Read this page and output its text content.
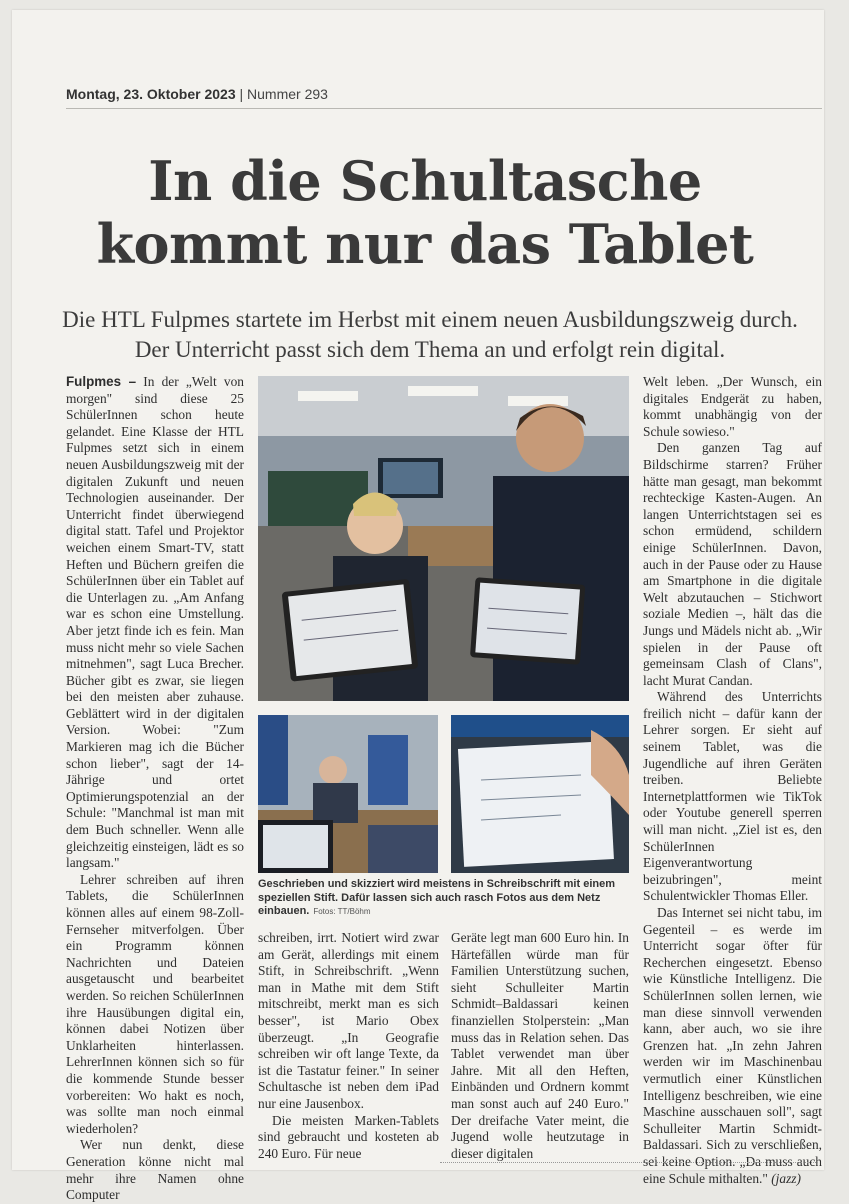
Montag, 23. Oktober 2023 | Nummer 293
In die Schultasche
kommt nur das Tablet
Die HTL Fulpmes startete im Herbst mit einem neuen Ausbildungszweig durch. Der Unterricht passt sich dem Thema an und erfolgt rein digital.

Fulpmes – In der „Welt von morgen" sind diese 25 SchülerInnen schon heute gelandet. Eine Klasse der HTL Fulpmes setzt sich in einem neuen Ausbildungszweig mit der digitalen Zukunft und neuen Technologien auseinander. Der Unterricht findet überwiegend digital statt. Tafel und Projektor weichen einem Smart-TV, statt Heften und Büchern greifen die SchülerInnen über ein Tablet auf die Unterlagen zu. „Am Anfang war es schon eine Umstellung. Aber jetzt finde ich es fein. Man muss nicht mehr so viele Sachen mitnehmen", sagt Luca Brecher. Bücher gibt es zwar, sie liegen bei den meisten aber zuhause. Geblättert wird in der digitalen Version. Wobei: "Zum Markieren mag ich die Bücher schon lieber", sagt der 14-Jährige und ortet Optimierungspotenzial an der Schule: "Manchmal ist man mit dem Buch schneller. Wenn alle gleichzeitig einsteigen, lädt es so langsam."

Lehrer schreiben auf ihren Tablets, die SchülerInnen können alles auf einem 98-Zoll-Fernseher mitverfolgen. Über ein Programm können Nachrichten und Dateien ausgetauscht und bearbeitet werden. So reichen SchülerInnen ihre Hausübungen digital ein, können dabei Notizen über Unklarheiten hinterlassen. LehrerInnen können sich so für die kommende Stunde besser vorbereiten: Wo hakt es noch, was sollte man noch einmal wiederholen?

Wer nun denkt, diese Generation könne nicht mal mehr ihre Namen ohne Computer

Geschrieben und skizziert wird meistens in Schreibschrift mit einem speziellen Stift. Dafür lassen sich auch rasch Fotos aus dem Netz einbauen. Fotos: TT/Böhm

schreiben, irrt. Notiert wird zwar am Gerät, allerdings mit einem Stift, in Schreibschrift. „Wenn man in Mathe mit dem Stift mitschreibt, merkt man es sich besser", ist Mario Obex überzeugt. „In Geografie schreiben wir oft lange Texte, da ist die Tastatur feiner." In seiner Schultasche ist neben dem iPad nur eine Jausenbox.

Die meisten Marken-Tablets sind gebraucht und kosteten ab 240 Euro. Für neue

Geräte legt man 600 Euro hin. In Härtefällen würde man für Familien Unterstützung suchen, sieht Schulleiter Martin Schmidt–Baldassari keinen finanziellen Stolperstein: „Man muss das in Relation sehen. Das Tablet verwendet man über Jahre. Mit all den Heften, Einbänden und Ordnern kommt man sonst auch auf 240 Euro." Der dreifache Vater meint, die Jugend wolle heutzutage in dieser digitalen

Welt leben. „Der Wunsch, ein digitales Endgerät zu haben, kommt unabhängig von der Schule sowieso."

Den ganzen Tag auf Bildschirme starren? Früher hätte man gesagt, man bekommt rechteckige Kasten-Augen. An langen Unterrichtstagen sei es schon ermüdend, schildern einige SchülerInnen. Davon, auch in der Pause oder zu Hause am Smartphone in die digitale Welt abzutauchen – Stichwort soziale Medien –, hält das die Jungs und Mädels nicht ab. „Wir spielen in der Pause oft gemeinsam Clash of Clans", lacht Murat Candan.

Während des Unterrichts freilich nicht – dafür kann der Lehrer sorgen. Er sieht auf seinem Tablet, was die Jugendliche auf ihren Geräten treiben. Beliebte Internetplattformen wie TikTok oder Youtube generell sperren will man nicht. „Ziel ist es, den SchülerInnen Eigenverantwortung beizubringen", meint Schulentwickler Thomas Eller.

Das Internet sei nicht tabu, im Gegenteil – es werde im Unterricht sogar öfter für Recherchen eingesetzt. Ebenso wie Künstliche Intelligenz. Die SchülerInnen sollen lernen, wie man diese sinnvoll verwenden kann, aber auch, wo sie ihre Grenzen hat. „In zehn Jahren werden wir im Maschinenbau vermutlich einer Künstlichen Intelligenz beschreiben, wie eine Maschine ausschauen soll", sagt Schulleiter Martin Schmidt-Baldassari. Sich zu verschließen, sei keine Option. „Da muss auch eine Schule mithalten." (jazz)
